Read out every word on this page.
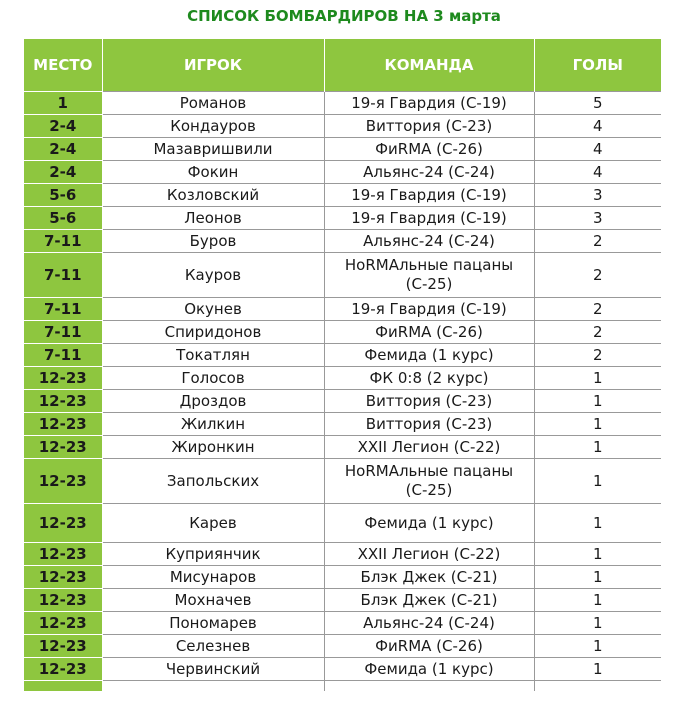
СПИСОК БОМБАРДИРОВ НА 3 марта
МЕСТО	ИГРОК	КОМАНДА	ГОЛЫ
1	Романов	19-я Гвардия (С-19)	5
2-4	Кондауров	Виттория (С-23)	4
2-4	Мазавришвили	ФиRMA (С-26)	4
2-4	Фокин	Альянс-24 (С-24)	4
5-6	Козловский	19-я Гвардия (С-19)	3
5-6	Леонов	19-я Гвардия (С-19)	3
7-11	Буров	Альянс-24 (С-24)	2
7-11	Кауров	НоRMАльные пацаны (С-25)	2
7-11	Окунев	19-я Гвардия (С-19)	2
7-11	Спиридонов	ФиRMA (С-26)	2
7-11	Токатлян	Фемида (1 курс)	2
12-23	Голосов	ФК 0:8 (2 курс)	1
12-23	Дроздов	Виттория (С-23)	1
12-23	Жилкин	Виттория (С-23)	1
12-23	Жиронкин	XXII Легион (С-22)	1
12-23	Запольских	НоRMАльные пацаны (С-25)	1
12-23	Карев	Фемида (1 курс)	1
12-23	Куприянчик	XXII Легион (С-22)	1
12-23	Мисунаров	Блэк Джек (С-21)	1
12-23	Мохначев	Блэк Джек (С-21)	1
12-23	Пономарев	Альянс-24 (С-24)	1
12-23	Селезнев	ФиRMA (С-26)	1
12-23	Червинский	Фемида (1 курс)	1
